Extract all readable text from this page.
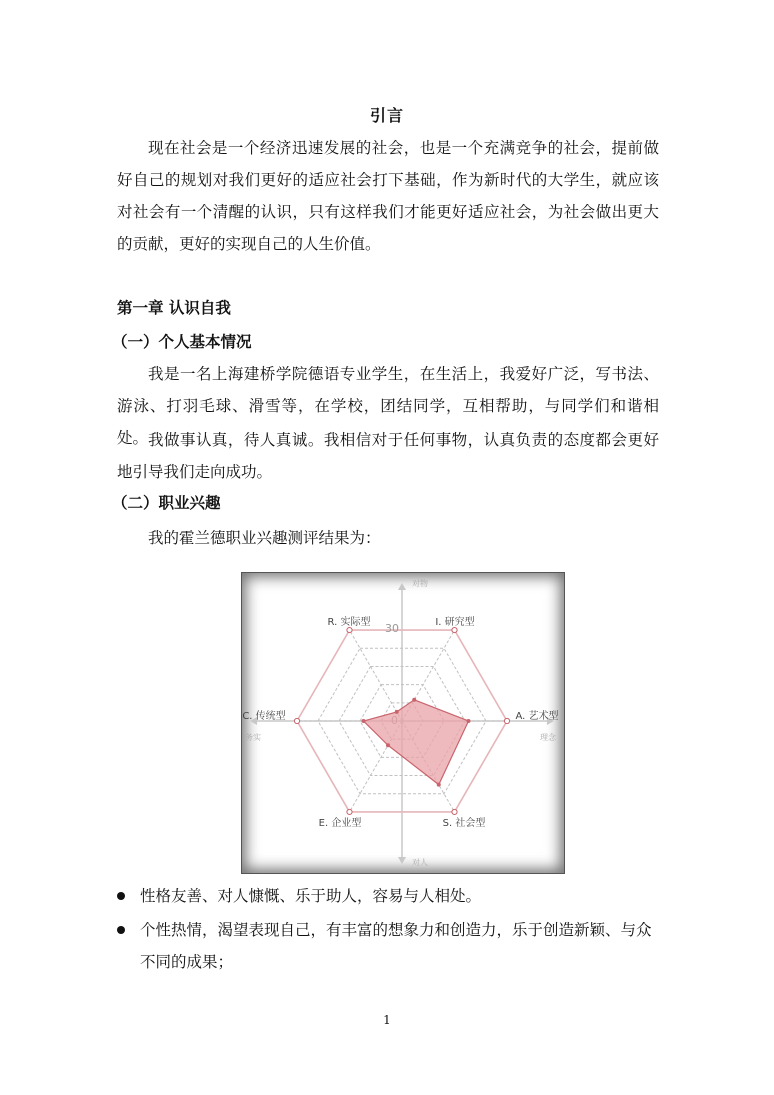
引言
现在社会是一个经济迅速发展的社会，也是一个充满竞争的社会，提前做好自己的规划对我们更好的适应社会打下基础，作为新时代的大学生，就应该对社会有一个清醒的认识，只有这样我们才能更好适应社会，为社会做出更大的贡献，更好的实现自己的人生价值。
第一章 认识自我
（一）个人基本情况
我是一名上海建桥学院德语专业学生，在生活上，我爱好广泛，写书法、游泳、打羽毛球、滑雪等，在学校，团结同学，互相帮助，与同学们和谐相处。 我做事认真，待人真诚。我相信对于任何事物，认真负责的态度都会更好地引导我们走向成功。
（二）职业兴趣
我的霍兰德职业兴趣测评结果为：
30
R. 实际型	I. 研究型
A. 艺术型
S. 社会型
E. 企业型
C. 传统型
对物
对人
务实	理念
性格友善、对人慷慨、乐于助人，容易与人相处。
个性热情，渴望表现自己，有丰富的想象力和创造力，乐于创造新颖、与众不同的成果；
1
